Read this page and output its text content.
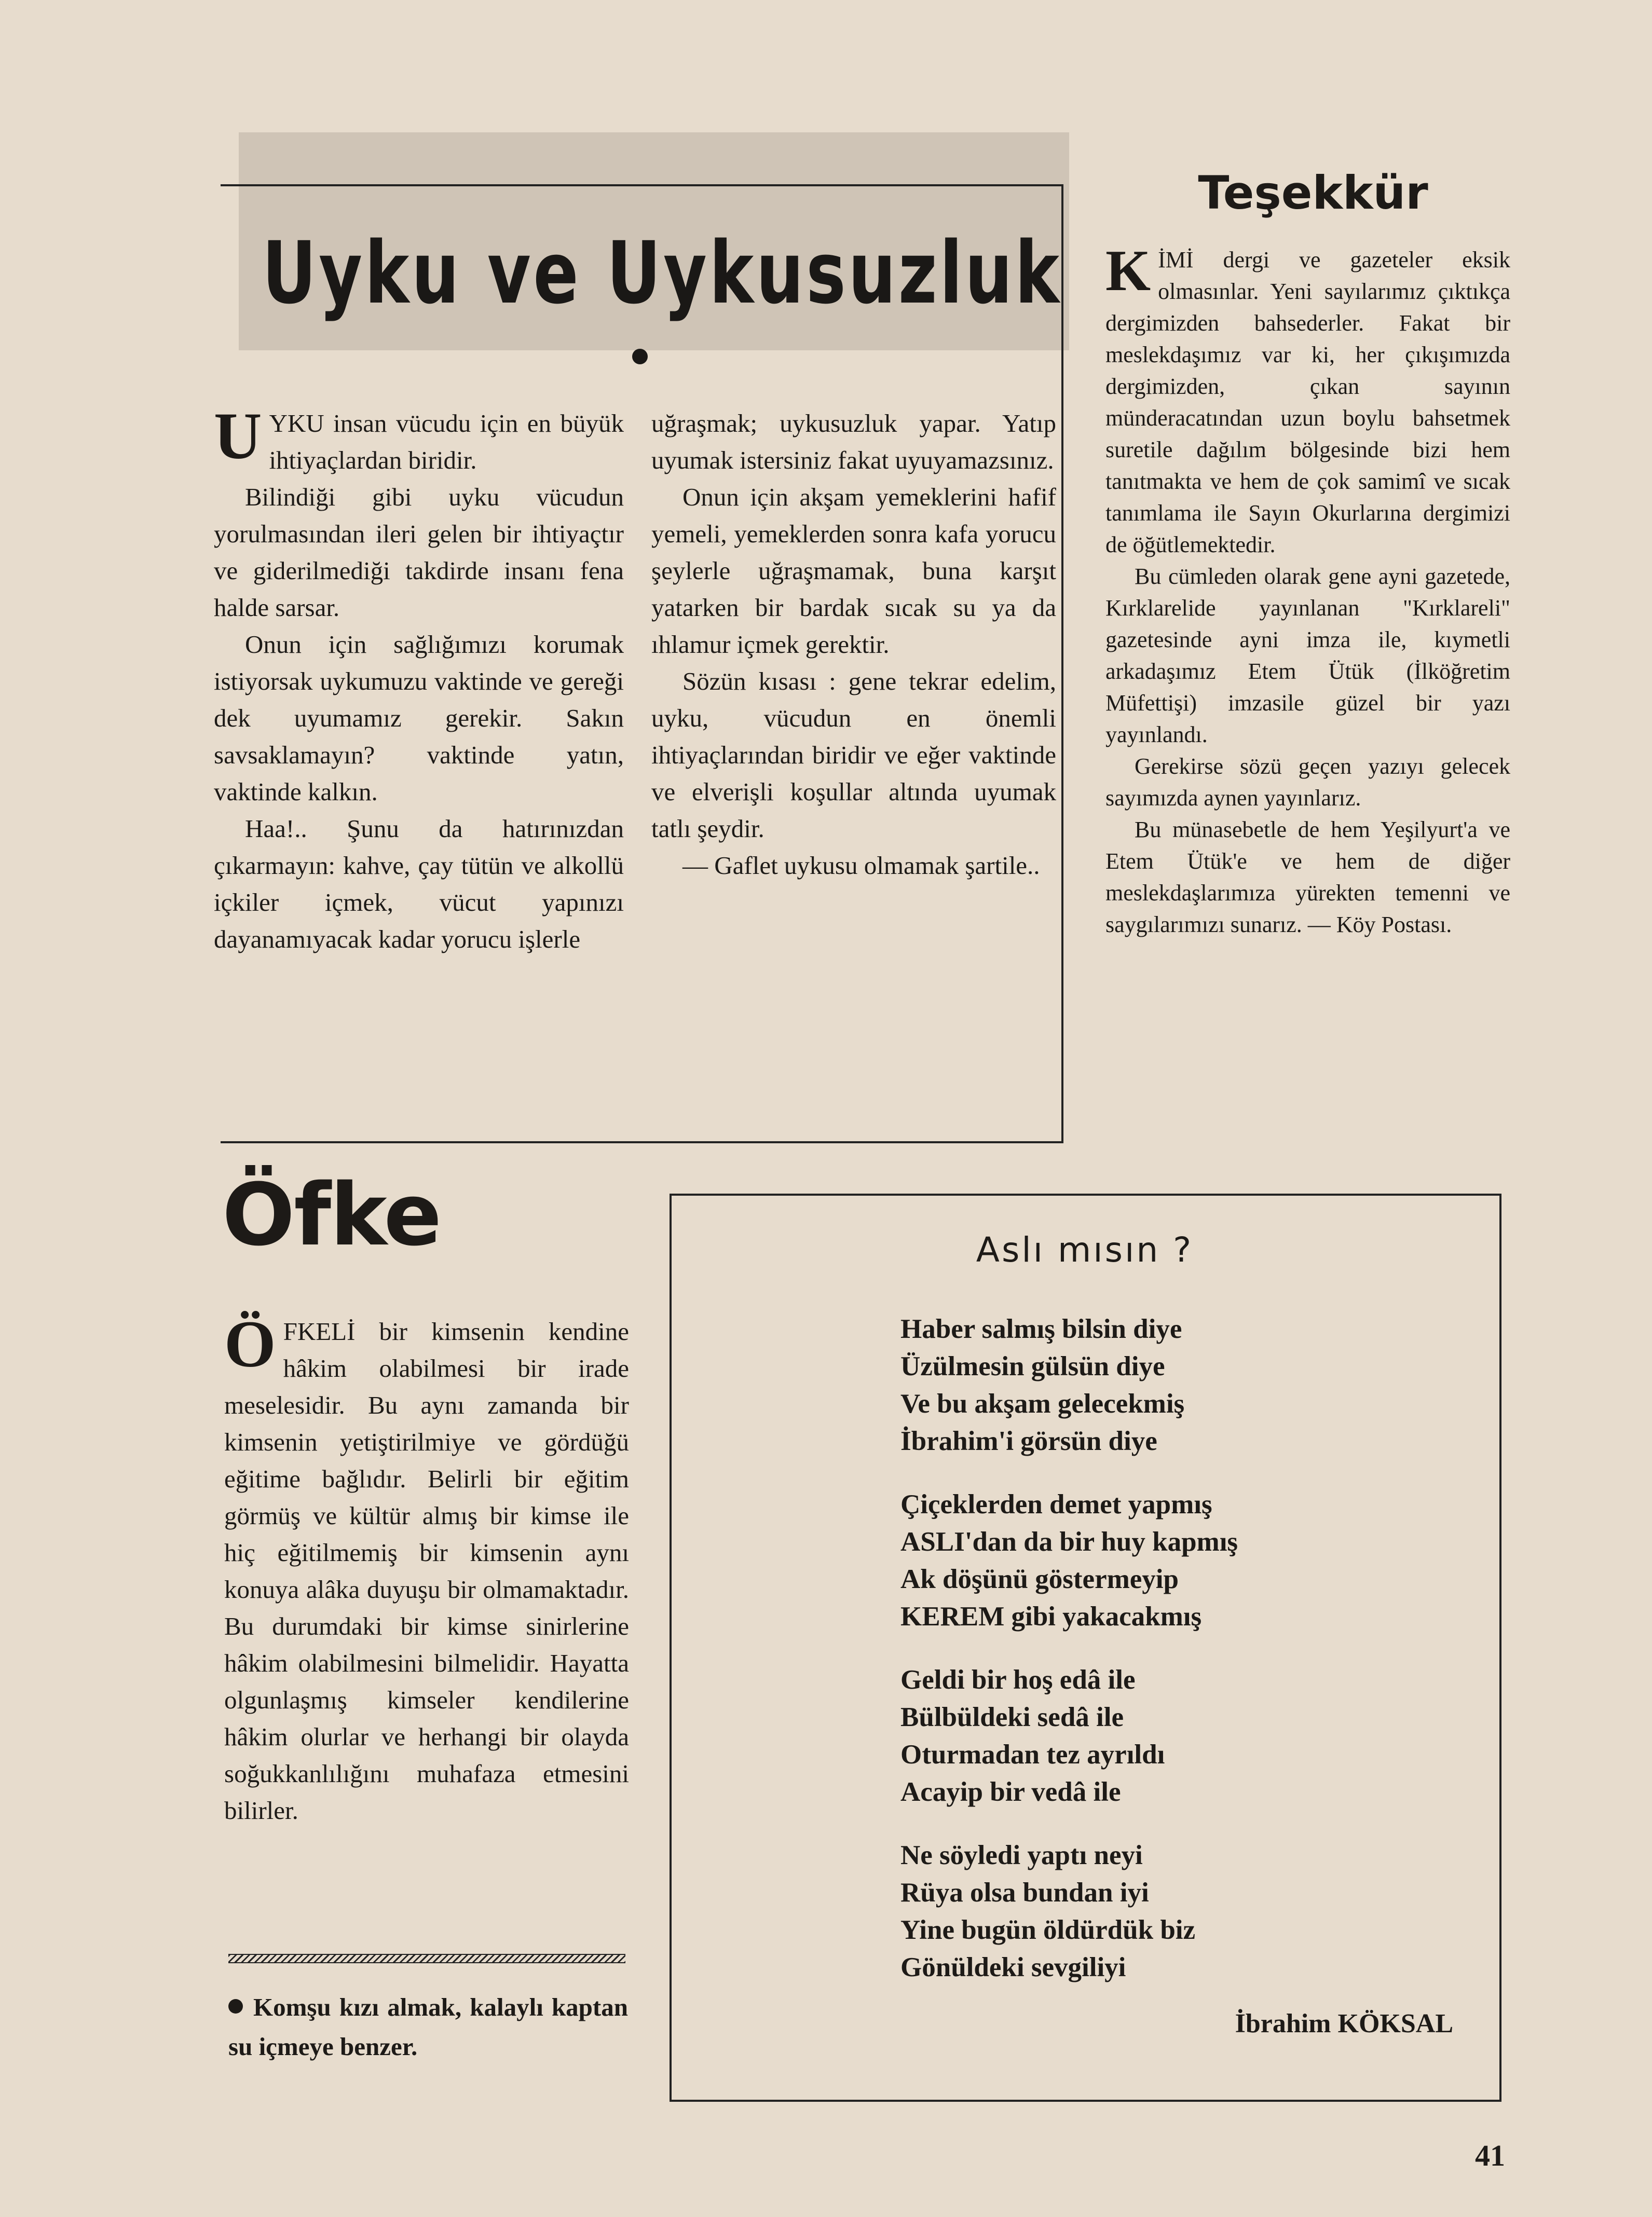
Uyku ve Uykusuzluk

UYKU insan vücudu için en büyük ihtiyaçlardan biridir.

Bilindiği gibi uyku vücudun yorulmasından ileri gelen bir ihtiyaçtır ve giderilmediği takdirde insanı fena halde sarsar.

Onun için sağlığımızı korumak istiyorsak uykumuzu vaktinde ve gereği dek uyumamız gerekir. Sakın savsaklamayın? vaktinde yatın, vaktinde kalkın.

Haa!.. Şunu da hatırınızdan çıkarmayın: kahve, çay tütün ve alkollü içkiler içmek, vücut yapınızı dayanamıyacak kadar yorucu işlerle

uğraşmak; uykusuzluk yapar. Yatıp uyumak istersiniz fakat uyuyamazsınız.

Onun için akşam yemeklerini hafif yemeli, yemeklerden sonra kafa yorucu şeylerle uğraşmamak, buna karşıt yatarken bir bardak sıcak su ya da ıhlamur içmek gerektir.

Sözün kısası : gene tekrar edelim, uyku, vücudun en önemli ihtiyaçlarından biridir ve eğer vaktinde ve elverişli koşullar altında uyumak tatlı şeydir.

— Gaflet uykusu olmamak şartile..

Teşekkür

KİMİ dergi ve gazeteler eksik olmasınlar. Yeni sayılarımız çıktıkça dergimizden bahsederler. Fakat bir meslekdaşımız var ki, her çıkışımızda dergimizden, çıkan sayının münderacatından uzun boylu bahsetmek suretile dağılım bölgesinde bizi hem tanıtmakta ve hem de çok samimî ve sıcak tanımlama ile Sayın Okurlarına dergimizi de öğütlemektedir.

Bu cümleden olarak gene ayni gazetede, Kırklarelide yayınlanan "Kırklareli" gazetesinde ayni imza ile, kıymetli arkadaşımız Etem Ütük (İlköğretim Müfettişi) imzasile güzel bir yazı yayınlandı.

Gerekirse sözü geçen yazıyı gelecek sayımızda aynen yayınlarız.

Bu münasebetle de hem Yeşilyurt'a ve Etem Ütük'e ve hem de diğer meslekdaşlarımıza yürekten temenni ve saygılarımızı sunarız. — Köy Postası.

Öfke

ÖFKELİ bir kimsenin kendine hâkim olabilmesi bir irade meselesidir. Bu aynı zamanda bir kimsenin yetiştirilmiye ve gördüğü eğitime bağlıdır. Belirli bir eğitim görmüş ve kültür almış bir kimse ile hiç eğitilmemiş bir kimsenin aynı konuya alâka duyuşu bir olmamaktadır. Bu durumdaki bir kimse sinirlerine hâkim olabilmesini bilmelidir. Hayatta olgunlaşmış kimseler kendilerine hâkim olurlar ve herhangi bir olayda soğukkanlılığını muhafaza etmesini bilirler.

Komşu kızı almak, kalaylı kaptan su içmeye benzer.
Aslı mısın ?
Haber salmış bilsin diye
Üzülmesin gülsün diye
Ve bu akşam gelecekmiş
İbrahim'i görsün diye
Çiçeklerden demet yapmış
ASLI'dan da bir huy kapmış
Ak döşünü göstermeyip
KEREM gibi yakacakmış
Geldi bir hoş edâ ile
Bülbüldeki sedâ ile
Oturmadan tez ayrıldı
Acayip bir vedâ ile
Ne söyledi yaptı neyi
Rüya olsa bundan iyi
Yine bugün öldürdük biz
Gönüldeki sevgiliyi
İbrahim KÖKSAL
41
